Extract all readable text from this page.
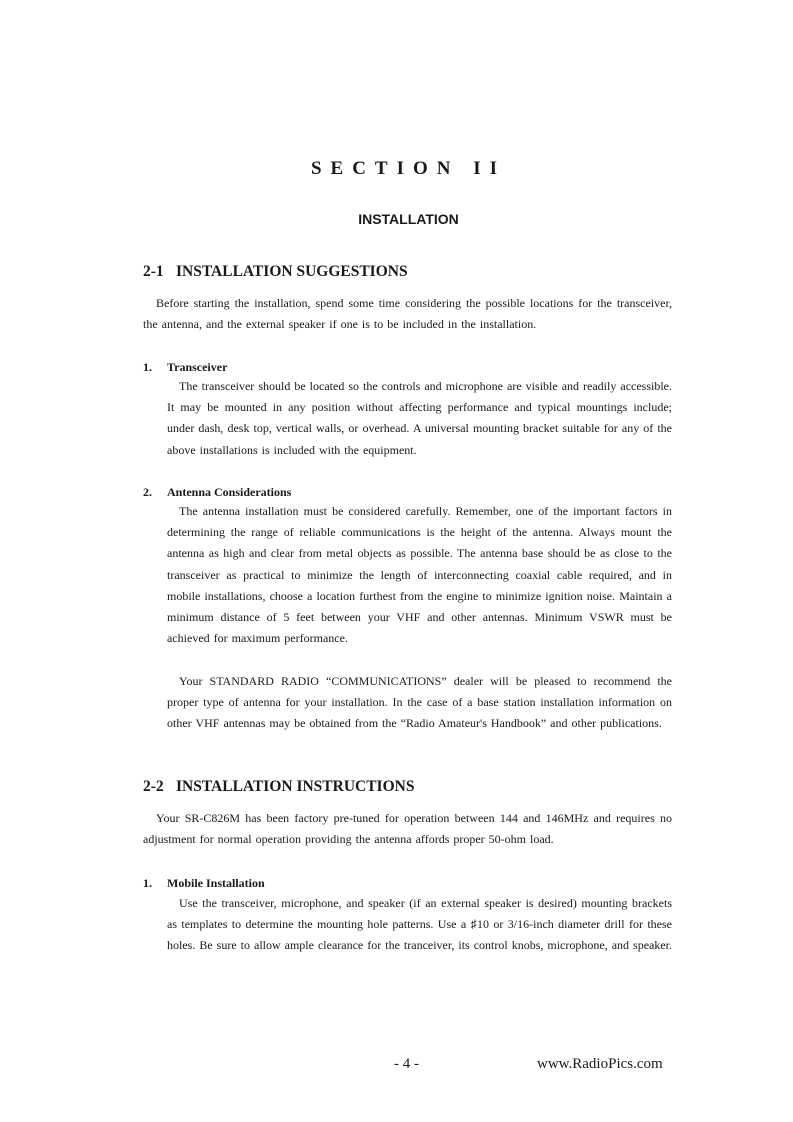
SECTION II
INSTALLATION
2-1 INSTALLATION SUGGESTIONS
Before starting the installation, spend some time considering the possible locations for the transceiver, the antenna, and the external speaker if one is to be included in the installation.
1. Transceiver
The transceiver should be located so the controls and microphone are visible and readily accessible. It may be mounted in any position without affecting performance and typical mountings include; under dash, desk top, vertical walls, or overhead. A universal mounting bracket suitable for any of the above installations is included with the equipment.
2. Antenna Considerations
The antenna installation must be considered carefully. Remember, one of the important factors in determining the range of reliable communications is the height of the antenna. Always mount the antenna as high and clear from metal objects as possible. The antenna base should be as close to the transceiver as practical to minimize the length of interconnecting coaxial cable required, and in mobile installations, choose a location furthest from the engine to minimize ignition noise. Maintain a minimum distance of 5 feet between your VHF and other antennas. Minimum VSWR must be achieved for maximum performance.
Your STANDARD RADIO “COMMUNICATIONS” dealer will be pleased to recommend the proper type of antenna for your installation. In the case of a base station installation information on other VHF antennas may be obtained from the “Radio Amateur's Handbook” and other publications.
2-2 INSTALLATION INSTRUCTIONS
Your SR-C826M has been factory pre-tuned for operation between 144 and 146MHz and requires no adjustment for normal operation providing the antenna affords proper 50-ohm load.
1. Mobile Installation
Use the transceiver, microphone, and speaker (if an external speaker is desired) mounting brackets as templates to determine the mounting hole patterns. Use a ♯10 or 3/16-inch diameter drill for these holes. Be sure to allow ample clearance for the tranceiver, its control knobs, microphone, and speaker.
- 4 -	www.RadioPics.com
